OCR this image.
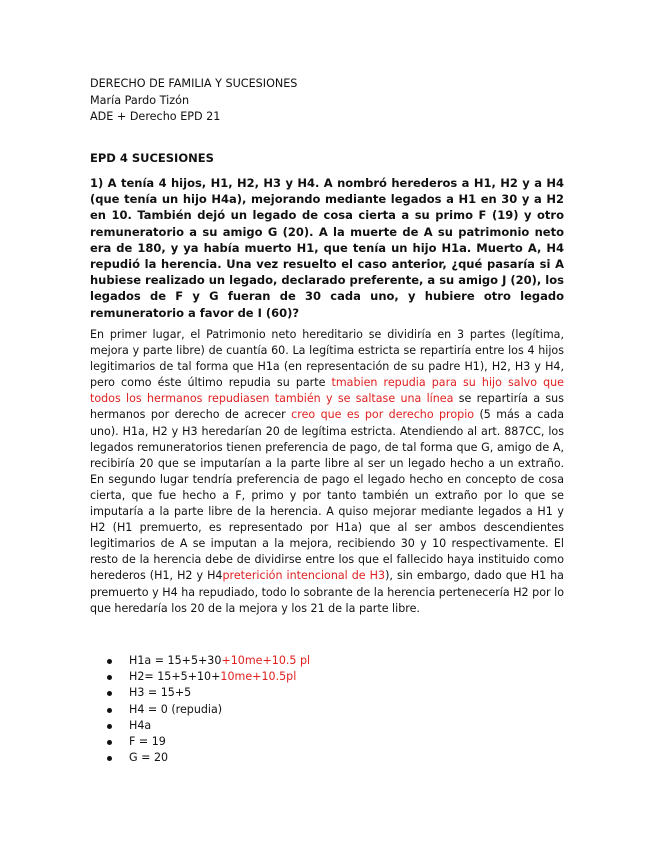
DERECHO DE FAMILIA Y SUCESIONES

María Pardo Tizón

ADE + Derecho EPD 21

EPD 4 SUCESIONES

1) A tenía 4 hijos, H1, H2, H3 y H4. A nombró herederos a H1, H2 y a H4 (que tenía un hijo H4a), mejorando mediante legados a H1 en 30 y a H2 en 10. También dejó un legado de cosa cierta a su primo F (19) y otro remuneratorio a su amigo G (20). A la muerte de A su patrimonio neto era de 180, y ya había muerto H1, que tenía un hijo H1a. Muerto A, H4 repudió la herencia. Una vez resuelto el caso anterior, ¿qué pasaría si A hubiese realizado un legado, declarado preferente, a su amigo J (20), los legados de F y G fueran de 30 cada uno, y hubiere otro legado remuneratorio a favor de I (60)?

En primer lugar, el Patrimonio neto hereditario se dividiría en 3 partes (legítima, mejora y parte libre) de cuantía 60. La legítima estricta se repartiría entre los 4 hijos legitimarios de tal forma que H1a (en representación de su padre H1), H2, H3 y H4, pero como éste último repudia su parte tmabien repudia para su hijo salvo que todos los hermanos repudiasen también y se saltase una línea se repartiría a sus hermanos por derecho de acrecer creo que es por derecho propio (5 más a cada uno). H1a, H2 y H3 heredarían 20 de legítima estricta. Atendiendo al art. 887CC, los legados remuneratorios tienen preferencia de pago, de tal forma que G, amigo de A, recibiría 20 que se imputarían a la parte libre al ser un legado hecho a un extraño. En segundo lugar tendría preferencia de pago el legado hecho en concepto de cosa cierta, que fue hecho a F, primo y por tanto también un extraño por lo que se imputaría a la parte libre de la herencia. A quiso mejorar mediante legados a H1 y H2 (H1 premuerto, es representado por H1a) que al ser ambos descendientes legitimarios de A se imputan a la mejora, recibiendo 30 y 10 respectivamente. El resto de la herencia debe de dividirse entre los que el fallecido haya instituido como herederos (H1, H2 y H4preterición intencional de H3), sin embargo, dado que H1 ha premuerto y H4 ha repudiado, todo lo sobrante de la herencia pertenecería H2 por lo que heredaría los 20 de la mejora y los 21 de la parte libre.

H1a = 15+5+30+10me+10.5 pl
H2= 15+5+10+10me+10.5pl
H3 = 15+5
H4 = 0 (repudia)
H4a
F = 19
G = 20
